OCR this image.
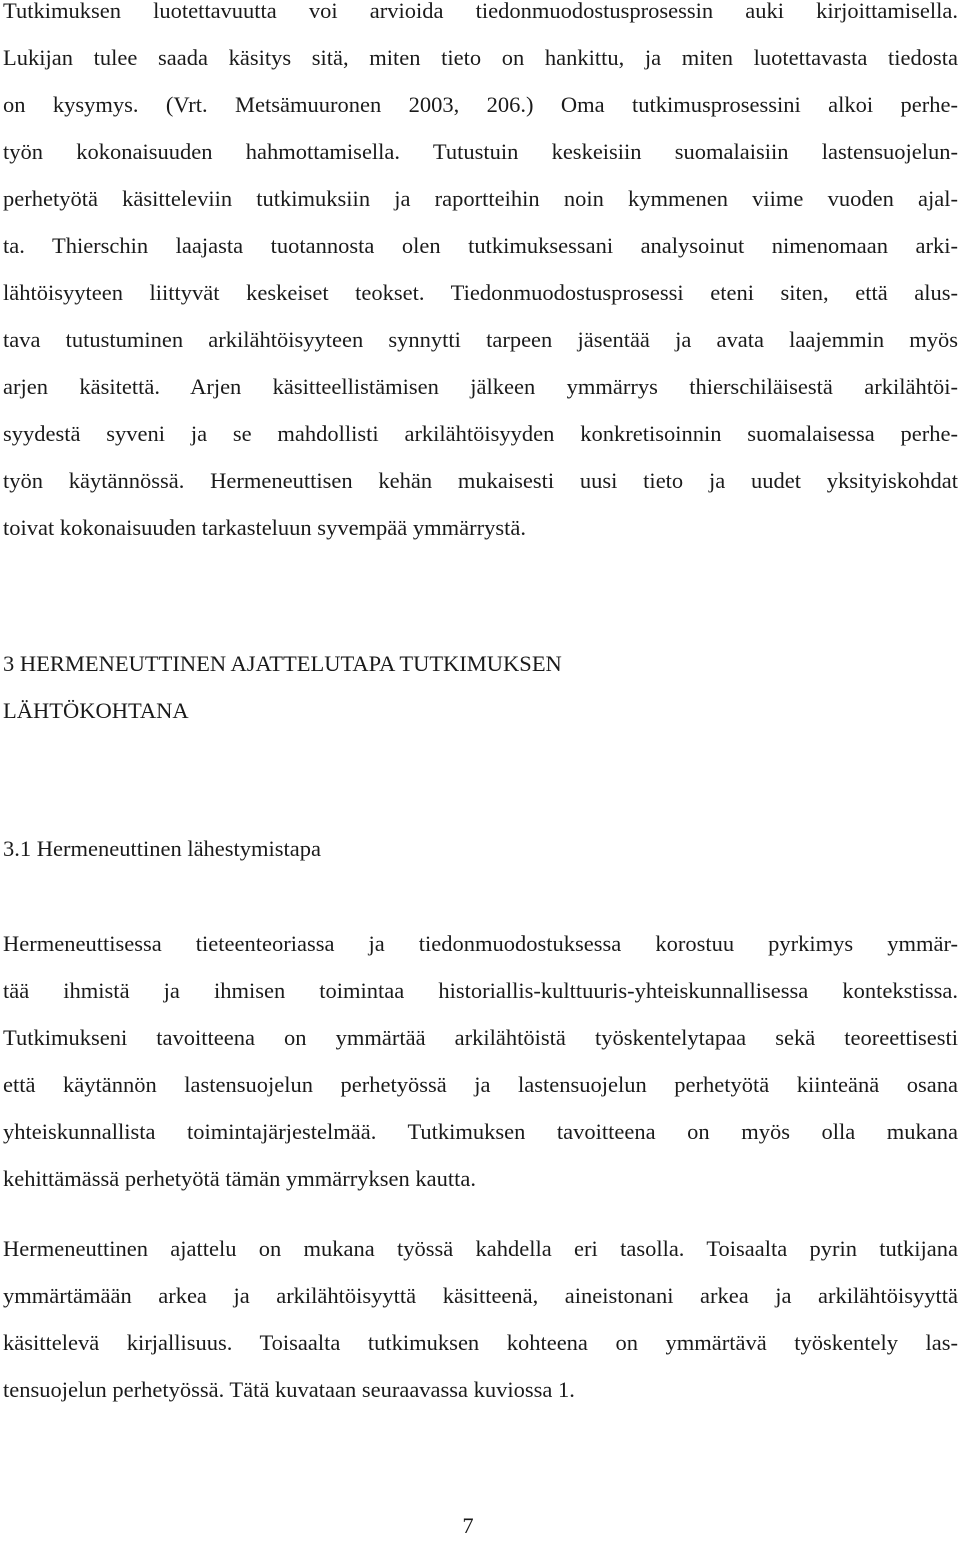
Tutkimuksen luotettavuutta voi arvioida tiedonmuodostusprosessin auki kirjoittamisella.
Lukijan tulee saada käsitys sitä, miten tieto on hankittu, ja miten luotettavasta tiedosta
on kysymys. (Vrt. Metsämuuronen 2003, 206.) Oma tutkimusprosessini alkoi perhe-
työn kokonaisuuden hahmottamisella. Tutustuin keskeisiin suomalaisiin lastensuojelun-
perhetyötä käsitteleviin tutkimuksiin ja raportteihin noin kymmenen viime vuoden ajal-
ta. Thierschin laajasta tuotannosta olen tutkimuksessani analysoinut nimenomaan arki-
lähtöisyyteen liittyvät keskeiset teokset. Tiedonmuodostusprosessi eteni siten, että alus-
tava tutustuminen arkilähtöisyyteen synnytti tarpeen jäsentää ja avata laajemmin myös
arjen käsitettä. Arjen käsitteellistämisen jälkeen ymmärrys thierschiläisestä arkilähtöi-
syydestä syveni ja se mahdollisti arkilähtöisyyden konkretisoinnin suomalaisessa perhe-
työn käytännössä. Hermeneuttisen kehän mukaisesti uusi tieto ja uudet yksityiskohdat
toivat kokonaisuuden tarkasteluun syvempää ymmärrystä.
3 HERMENEUTTINEN AJATTELUTAPA TUTKIMUKSEN
LÄHTÖKOHTANA
3.1 Hermeneuttinen lähestymistapa
Hermeneuttisessa tieteenteoriassa ja tiedonmuodostuksessa korostuu pyrkimys ymmär-
tää ihmistä ja ihmisen toimintaa historiallis-kulttuuris-yhteiskunnallisessa kontekstissa.
Tutkimukseni tavoitteena on ymmärtää arkilähtöistä työskentelytapaa sekä teoreettisesti
että käytännön lastensuojelun perhetyössä ja lastensuojelun perhetyötä kiinteänä osana
yhteiskunnallista toimintajärjestelmää. Tutkimuksen tavoitteena on myös olla mukana
kehittämässä perhetyötä tämän ymmärryksen kautta.
Hermeneuttinen ajattelu on mukana työssä kahdella eri tasolla. Toisaalta pyrin tutkijana
ymmärtämään arkea ja arkilähtöisyyttä käsitteenä, aineistonani arkea ja arkilähtöisyyttä
käsittelevä kirjallisuus. Toisaalta tutkimuksen kohteena on ymmärtävä työskentely las-
tensuojelun perhetyössä. Tätä kuvataan seuraavassa kuviossa 1.
7
